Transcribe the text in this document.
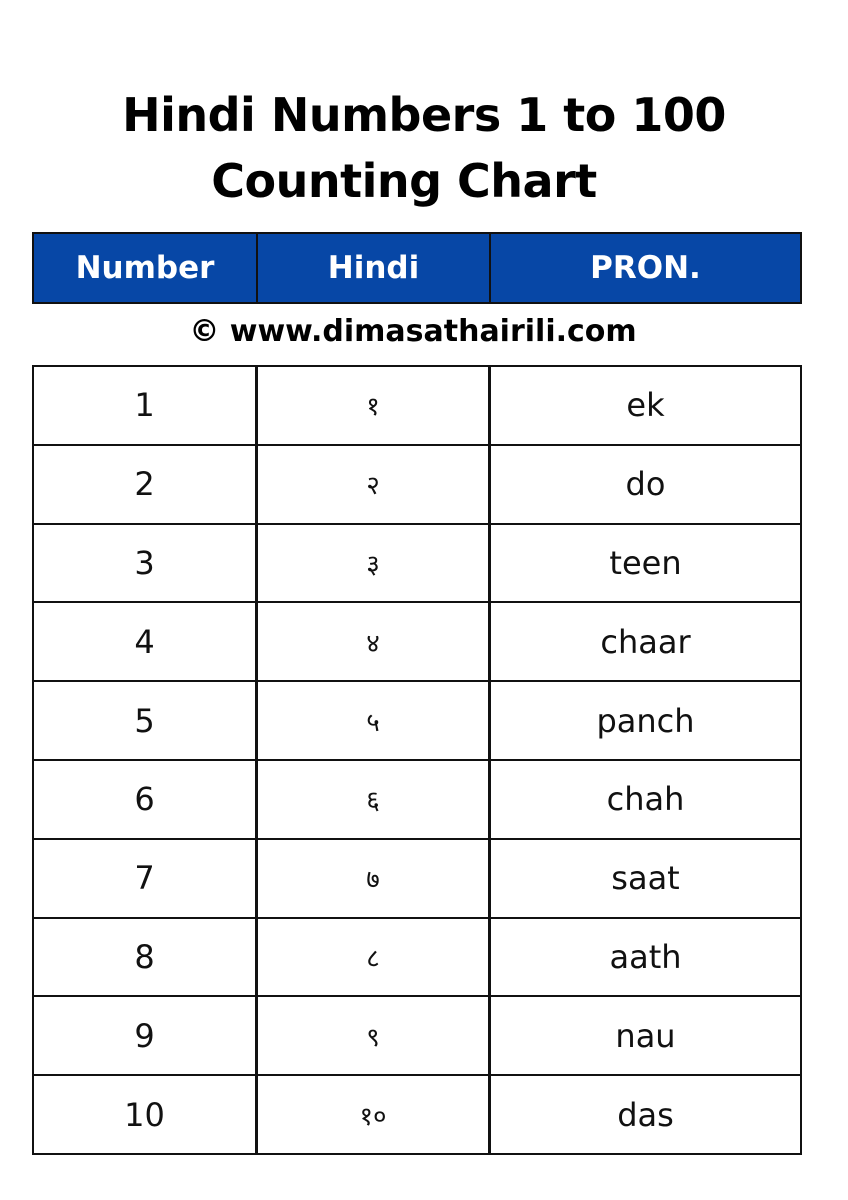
Hindi Numbers 1 to 100
Counting Chart
Number	Hindi	PRON.
© www.dimasathairili.com
1	१	ek
2	२	do
3	३	teen
4	४	chaar
5	५	panch
6	६	chah
7	७	saat
8	८	aath
9	९	nau
10	१०	das
